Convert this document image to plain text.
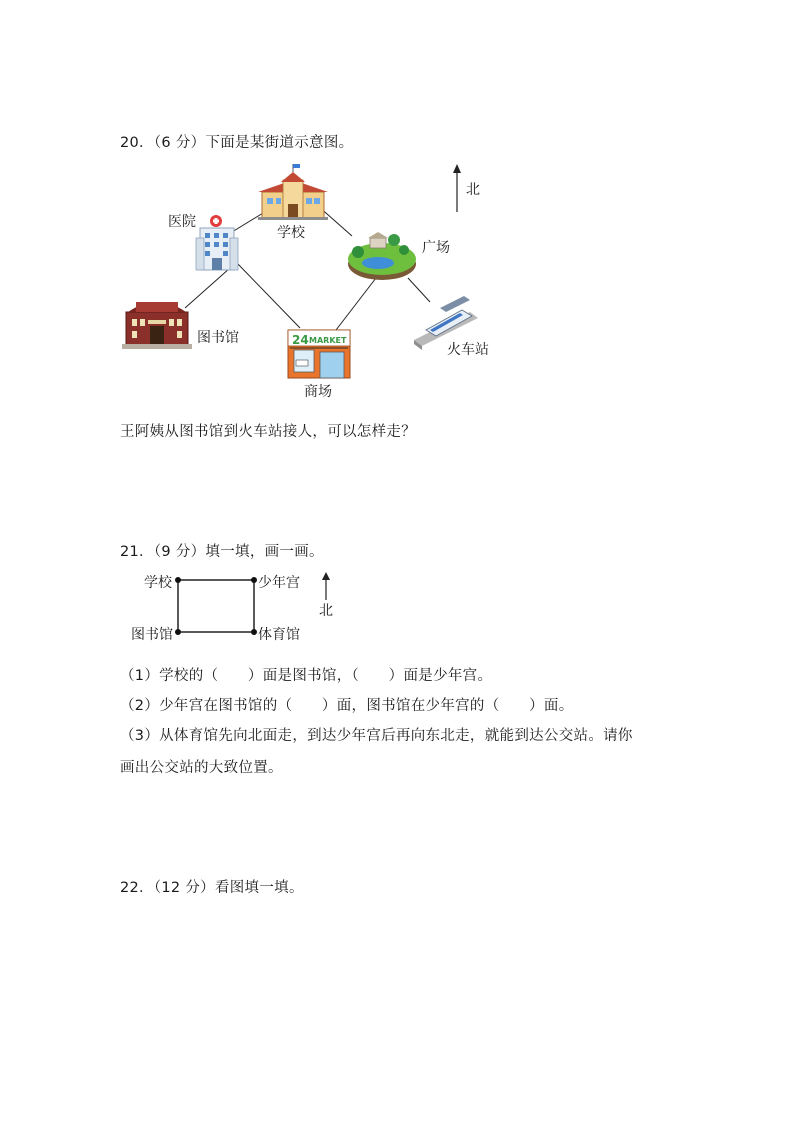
20．（6 分）下面是某街道示意图。
北
学校
医院
广场
图书馆	24 MARKET
商场
火车站
王阿姨从图书馆到火车站接人，可以怎样走？
21．（9 分）填一填，画一画。
学校	少年宫
图书馆	体育馆
北
（1）学校的（　　）面是图书馆，（　　）面是少年宫。
（2）少年宫在图书馆的（　　）面，图书馆在少年宫的（　　）面。
（3）从体育馆先向北面走，到达少年宫后再向东北走，就能到达公交站。请你
画出公交站的大致位置。
22．（12 分）看图填一填。
